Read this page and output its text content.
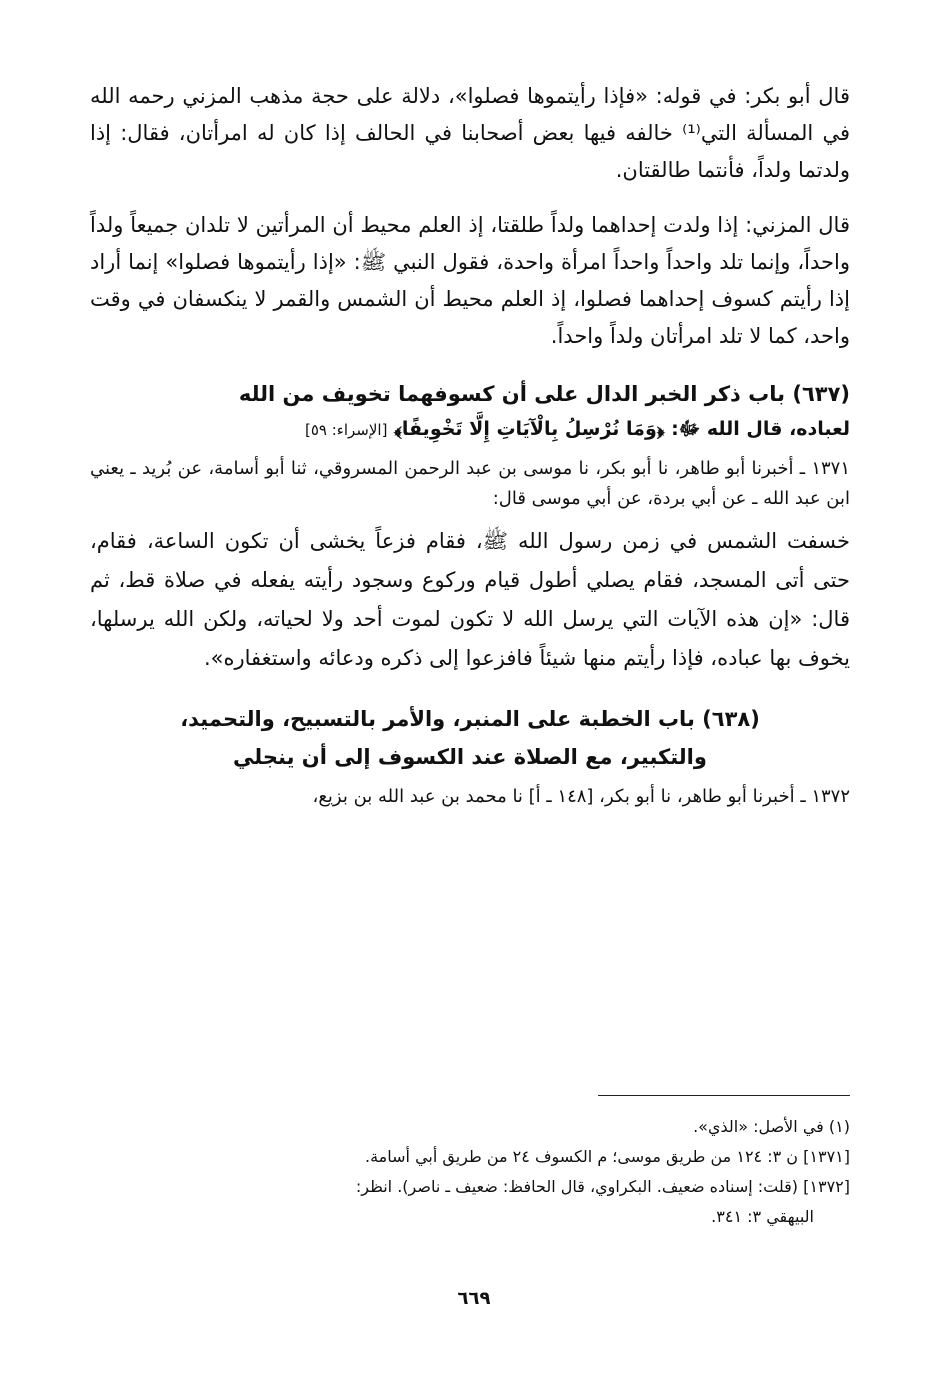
قال أبو بكر: في قوله: «فإذا رأيتموها فصلوا»، دلالة على حجة مذهب المزني رحمه الله في المسألة التي⁽¹⁾ خالفه فيها بعض أصحابنا في الحالف إذا كان له امرأتان، فقال: إذا ولدتما ولداً، فأنتما طالقتان.

قال المزني: إذا ولدت إحداهما ولداً طلقتا، إذ العلم محيط أن المرأتين لا تلدان جميعاً ولداً واحداً، وإنما تلد واحداً واحداً امرأة واحدة، فقول النبي ﷺ: «إذا رأيتموها فصلوا» إنما أراد إذا رأيتم كسوف إحداهما فصلوا، إذ العلم محيط أن الشمس والقمر لا ينكسفان في وقت واحد، كما لا تلد امرأتان ولداً واحداً.

(٦٣٧) باب ذكر الخبر الدال على أن كسوفهما تخويف من الله
لعباده، قال الله ﷻ: ﴿وَمَا نُرْسِلُ بِالْآيَاتِ إِلَّا تَخْوِيفًا﴾ [الإسراء: ٥٩]

١٣٧١ ـ أخبرنا أبو طاهر، نا أبو بكر، نا موسى بن عبد الرحمن المسروقي، ثنا أبو أسامة، عن بُريد ـ يعني ابن عبد الله ـ عن أبي بردة، عن أبي موسى قال:

خسفت الشمس في زمن رسول الله ﷺ، فقام فزعاً يخشى أن تكون الساعة، فقام، حتى أتى المسجد، فقام يصلي أطول قيام وركوع وسجود رأيته يفعله في صلاة قط، ثم قال: «إن هذه الآيات التي يرسل الله لا تكون لموت أحد ولا لحياته، ولكن الله يرسلها، يخوف بها عباده، فإذا رأيتم منها شيئاً فافزعوا إلى ذكره ودعائه واستغفاره».

(٦٣٨) باب الخطبة على المنبر، والأمر بالتسبيح، والتحميد،
والتكبير، مع الصلاة عند الكسوف إلى أن ينجلي

١٣٧٢ ـ أخبرنا أبو طاهر، نا أبو بكر، [١٤٨ ـ أ] نا محمد بن عبد الله بن بزيع،

(١) في الأصل: «الذي».

[١٣٧١] ن ٣: ١٢٤ من طريق موسى؛ م الكسوف ٢٤ من طريق أبي أسامة.

[١٣٧٢] (قلت: إسناده ضعيف. البكراوي، قال الحافظ: ضعيف ـ ناصر). انظر:

البيهقي ٣: ٣٤١.

٦٦٩
